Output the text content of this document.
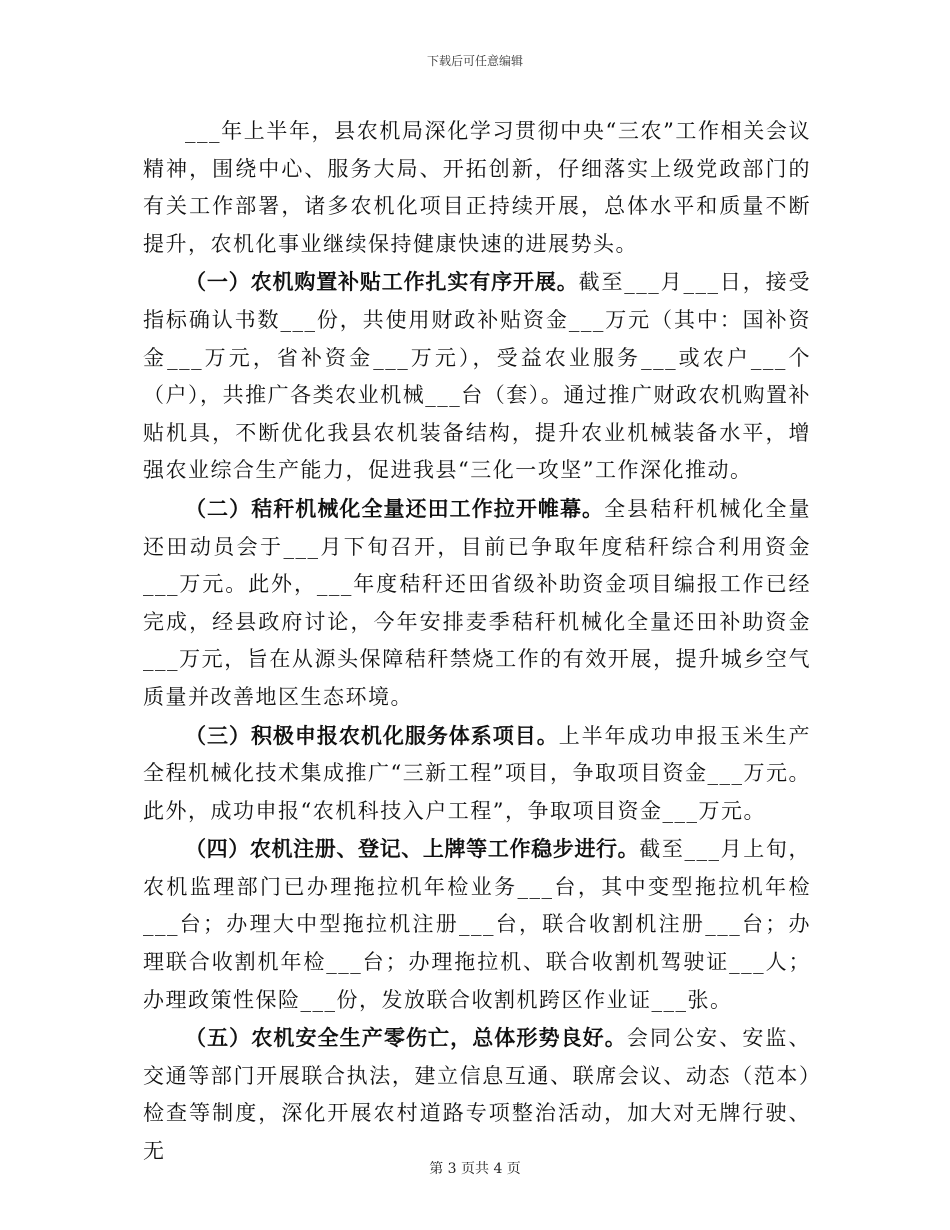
下载后可任意编辑

___年上半年，县农机局深化学习贯彻中央“三农”工作相关会议精神，围绕中心、服务大局、开拓创新，仔细落实上级党政部门的有关工作部署，诸多农机化项目正持续开展，总体水平和质量不断提升，农机化事业继续保持健康快速的进展势头。

（一）农机购置补贴工作扎实有序开展。截至___月___日，接受指标确认书数___份，共使用财政补贴资金___万元（其中：国补资金___万元，省补资金___万元），受益农业服务___或农户___个（户），共推广各类农业机械___台（套）。通过推广财政农机购置补贴机具，不断优化我县农机装备结构，提升农业机械装备水平，增强农业综合生产能力，促进我县“三化一攻坚”工作深化推动。

（二）秸秆机械化全量还田工作拉开帷幕。全县秸秆机械化全量还田动员会于___月下旬召开，目前已争取年度秸秆综合利用资金___万元。此外，___年度秸秆还田省级补助资金项目编报工作已经完成，经县政府讨论，今年安排麦季秸秆机械化全量还田补助资金___万元，旨在从源头保障秸秆禁烧工作的有效开展，提升城乡空气质量并改善地区生态环境。

（三）积极申报农机化服务体系项目。上半年成功申报玉米生产全程机械化技术集成推广“三新工程”项目，争取项目资金___万元。此外，成功申报“农机科技入户工程”，争取项目资金___万元。

（四）农机注册、登记、上牌等工作稳步进行。截至___月上旬，农机监理部门已办理拖拉机年检业务___台，其中变型拖拉机年检___台；办理大中型拖拉机注册___台，联合收割机注册___台；办理联合收割机年检___台；办理拖拉机、联合收割机驾驶证___人；办理政策性保险___份，发放联合收割机跨区作业证___张。

（五）农机安全生产零伤亡，总体形势良好。会同公安、安监、交通等部门开展联合执法，建立信息互通、联席会议、动态（范本）检查等制度，深化开展农村道路专项整治活动，加大对无牌行驶、无

第 3 页共 4 页
